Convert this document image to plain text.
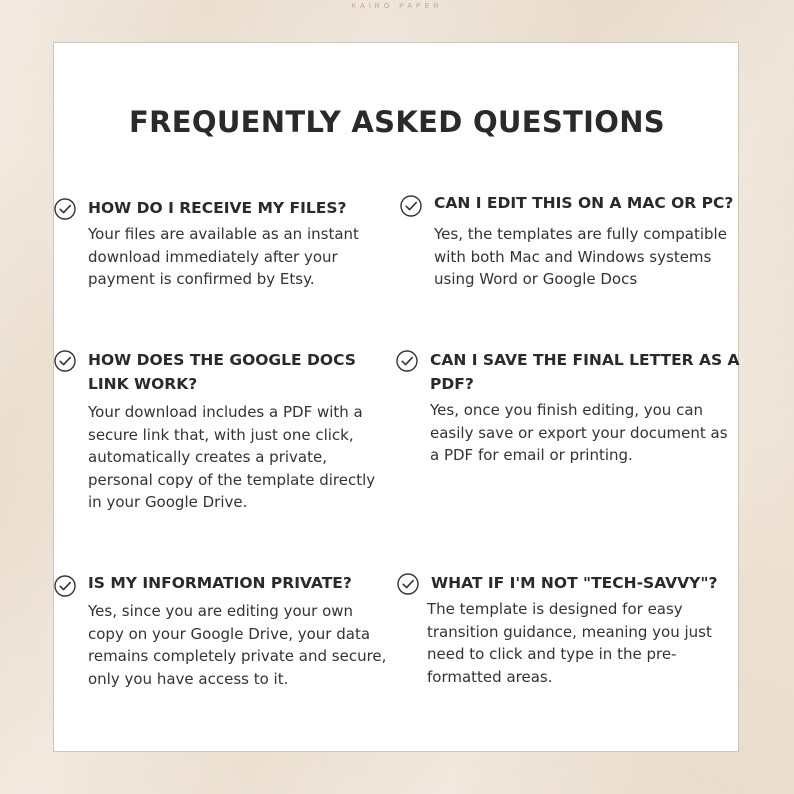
KAIRO PAPER
FREQUENTLY ASKED QUESTIONS
HOW DO I RECEIVE MY FILES?

Your files are available as an instant download immediately after your payment is confirmed by Etsy.

CAN I EDIT THIS ON A MAC OR PC?

Yes, the templates are fully compatible with both Mac and Windows systems using Word or Google Docs

HOW DOES THE GOOGLE DOCS LINK WORK?

Your download includes a PDF with a secure link that, with just one click, automatically creates a private, personal copy of the template directly in your Google Drive.

CAN I SAVE THE FINAL LETTER AS A PDF?

Yes, once you finish editing, you can easily save or export your document as a PDF for email or printing.

IS MY INFORMATION PRIVATE?

Yes, since you are editing your own copy on your Google Drive, your data remains completely private and secure, only you have access to it.

WHAT IF I'M NOT "TECH-SAVVY"?

The template is designed for easy transition guidance, meaning you just need to click and type in the pre-formatted areas.
